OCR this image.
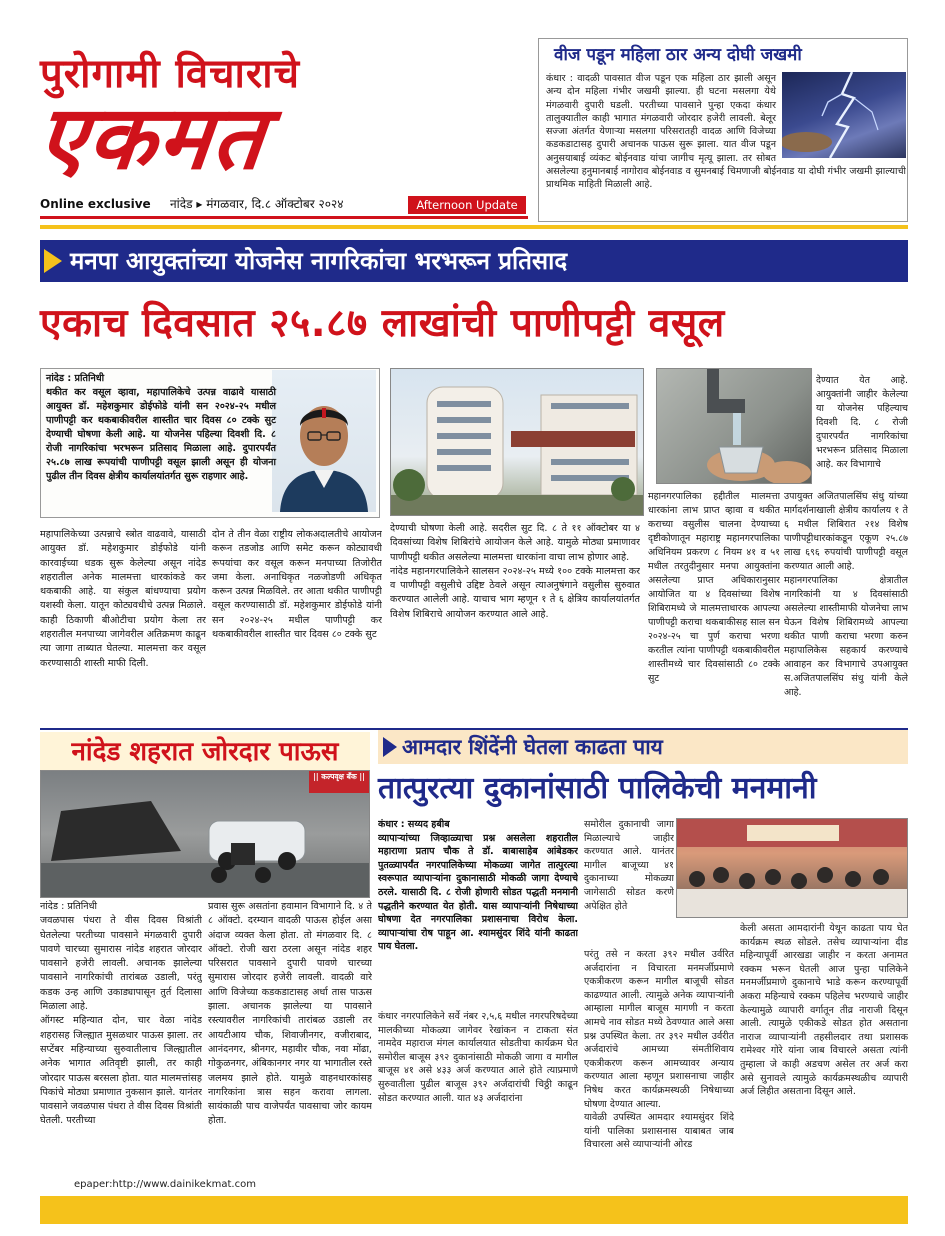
पुरोगामी विचाराचे
एकमत
Online exclusive नांदेड ▸ मंगळवार, दि.८ ऑक्टोबर २०२४	Afternoon Update
वीज पडून महिला ठार अन्य दोघी जखमी
कंधार : वादळी पावसात वीज पडून एक महिला ठार झाली असून अन्य दोन महिला गंभीर जखमी झाल्या. ही घटना मसलगा येथे मंगळवारी दुपारी घडली. परतीच्या पावसाने पुन्हा एकदा कंधार तालुक्यातील काही भागात मंगळवारी जोरदार हजेरी लावली. बेलूर सज्जा अंतर्गत येणाऱ्या मसलगा परिसरातही वादळ आणि विजेच्या कडकडाटासह दुपारी अचानक पाऊस सुरू झाला. यात वीज पडून अनुसयाबाई व्यंकट बोईनवाड यांचा जागीच मृत्यू झाला. तर सोबत असलेल्या हनुमानबाई नागोराव बोईनवाड व सुमनबाई चिमणाजी बोईनवाड या दोघी गंभीर जखमी झाल्याची प्राथमिक माहिती मिळाली आहे.
मनपा आयुक्तांच्या योजनेस नागरिकांचा भरभरून प्रतिसाद
एकाच दिवसात २५.८७ लाखांची पाणीपट्टी वसूल
नांदेड : प्रतिनिधी
थकीत कर वसूल व्हावा, महापालिकेचे उत्पन्न वाढावे यासाठी आयुक्त डॉ. महेशकुमार डोईफोडे यांनी सन २०२४-२५ मधील पाणीपट्टी कर थकबाकीवरील शास्तीत चार दिवस ८० टक्के सुट देण्याची घोषणा केली आहे. या योजनेस पहिल्या दिवशी दि. ८ रोजी नागरिकांचा भरभरून प्रतिसाद मिळाला आहे. दुपारपर्यंत २५.८७ लाख रूपयांची पाणीपट्टी वसूल झाली असून ही योजना पुढील तीन दिवस क्षेत्रीय कार्यालयांतर्गत सुरू राहणार आहे.
महापालिकेच्या उत्पन्नाचे स्त्रोत वाढवावे, यासाठी आयुक्त डॉ. महेशकुमार डोईफोडे यांनी कारवाईच्या धडक सुरू केलेल्या असून नांदेड शहरातील अनेक मालमत्ता धारकांकडे कर थकबाकी आहे. या संकुल बांधण्याचा प्रयोग यशस्वी केला. यातून कोट्यवधीचे उत्पन्न मिळाले. काही ठिकाणी बीओटीचा प्रयोग केला तर शहरातील मनपाच्या जागेवरील अतिक्रमण काढून त्या जागा ताब्यात घेतल्या. मालमत्ता कर वसूल करण्यासाठी शास्ती माफी दिली.
दोन ते तीन वेळा राष्ट्रीय लोकअदालतीचे आयोजन करून तडजोड आणि समेट करून कोट्यावधी रूपयांचा कर वसूल करून मनपाच्या तिजोरीत जमा केला. अनाधिकृत नळजोडणी अधिकृत करून उत्पन्न मिळविले. तर आता थकीत पाणीपट्टी वसूल करण्यासाठी डॉ. महेशकुमार डोईफोडे यांनी सन २०२४-२५ मधील पाणीपट्टी कर थकबाकीवरील शास्तीत चार दिवस ८० टक्के सुट
देण्याची घोषणा केली आहे. सदरील सुट दि. ८ ते ११ ऑक्टोबर या ४ दिवसांच्या विशेष शिबिरांचे आयोजन केले आहे. यामुळे मोठ्या प्रमाणावर पाणीपट्टी थकीत असलेल्या मालमत्ता धारकांना वाचा लाभ होणार आहे.
नांदेड महानगरपालिकेने सालसन २०२४-२५ मध्ये १०० टक्के मालमत्ता कर व पाणीपट्टी वसुलीचे उद्दिष्ट ठेवले असून त्याअनुषंगाने वसुलीस सुरुवात करण्यात आलेली आहे. याचाच भाग म्हणून १ ते ६ क्षेत्रिय कार्यालयांतर्गत विशेष शिबिराचे आयोजन करण्यात आले आहे.
देण्यात येत आहे. आयुक्तांनी जाहीर केलेल्या या योजनेस पहिल्याच दिवशी दि. ८ रोजी दुपारपर्यंत नागरिकांचा भरभरून प्रतिसाद मिळाला आहे. कर विभागाचे
उपायुक्त अजितपालसिंघ संधु यांच्या मार्गदर्शनाखाली क्षेत्रीय कार्यालय १ ते ६ मधील शिबिरात २१४ विशेष पाणीपट्टीधारकांकडून एकूण २५.८७ लाख ६९६ रुपयांची पाणीपट्टी वसूल करण्यात आली आहे.
महानगरपालिका क्षेत्रातील नागरिकांनी या ४ दिवसांसाठी असलेल्या शास्तीमाफी योजनेचा लाभ घेऊन विशेष शिबिरामध्ये आपल्या थकीत पाणी कराचा भरणा करुन महापालिकेस सहकार्य करण्याचे आवाहन कर विभागाचे उपआयुक्त स.अजितपालसिंघ संधु यांनी केले आहे.
महानगरपालिका हद्दीतील मालमत्ता धारकांना लाभ प्राप्त व्हावा व थकीत कराच्या वसुलीस चालना देण्याच्या दृष्टीकोणातून महाराष्ट्र महानगरपालिका अधिनियम प्रकरण ८ नियम ४१ व ५१ मधील तरतुदीनुसार मनपा आयुक्तांना असलेल्या प्राप्त अधिकारानुसार आयोजित या ४ दिवसांच्या विशेष शिबिरामध्ये जे मालमत्ताधारक आपल्या पाणीपट्टी कराचा थकबाकीसह साल सन २०२४-२५ चा पुर्ण कराचा भरणा करतील त्यांना पाणीपट्टी थकबाकीवरील शास्तीमध्ये चार दिवसांसाठी ८० टक्के सुट
नांदेड शहरात जोरदार पाऊस
|| कल्पवृक्ष बँक ||
नांदेड : प्रतिनिधी
जवळपास पंधरा ते वीस दिवस विश्रांती घेतलेल्या परतीच्या पावसाने मंगळवारी दुपारी पावणे चारच्या सुमारास नांदेड शहरात जोरदार पावसाने हजेरी लावली. अचानक झालेल्या पावसाने नागरिकांची तारांबळ उडाली, परंतु कडक उन्ह आणि उकाड्यापासून तुर्त दिलासा मिळाला आहे.
ऑगस्ट महिन्यात दोन, चार वेळा नांदेड शहरासह जिल्ह्यात मुसळधार पाऊस झाला. तर सप्टेंबर महिन्याच्या सुरुवातीलाच जिल्ह्यातील अनेक भागात अतिवृष्टी झाली, तर काही जोरदार पाऊस बरसला होता. यात मालमत्तांसह पिकांचे मोठ्या प्रमाणात नुकसान झाले. यानंतर पावसाने जवळपास पंधरा ते वीस दिवस विश्रांती घेतली. परतीच्या
प्रवास सुरू असतांना हवामान विभागाने दि. ४ ते ८ ऑक्टो. दरम्यान वादळी पाऊस होईल असा अंदाज व्यक्त केला होता. तो मंगळवार दि. ८ ऑक्टो. रोजी खरा ठरला असून नांदेड शहर परिसरात पावसाने दुपारी पावणे चारच्या सुमारास जोरदार हजेरी लावली. वादळी वारे आणि विजेच्या कडकडाटासह अर्धा तास पाऊस झाला. अचानक झालेल्या या पावसाने रस्त्यावरील नागरिकांची तारांबळ उडाली तर आयटीआय चौक, शिवाजीनगर, वजीराबाद, आनंदनगर, श्रीनगर, महावीर चौक, नवा मोंढा, गोकुळनगर, अंबिकानगर नगर या भागातील रस्ते जलमय झाले होते. यामुळे वाहनधारकांसह नागरिकांना त्रास सहन करावा लागला. सायंकाळी पाच वाजेपर्यंत पावसाचा जोर कायम होता.
आमदार शिंदेंनी घेतला काढता पाय
तात्पुरत्या दुकानांसाठी पालिकेची मनमानी
कंधार : सय्यद हबीब
व्यापाऱ्यांच्या जिव्हाळ्याचा प्रश्न असलेला शहरातील महाराणा प्रताप चौक ते डॉ. बाबासाहेब आंबेडकर पुतळ्यापर्यंत नगरपालिकेच्या मोकळ्या जागेत तात्पुरत्या स्वरूपात व्यापाऱ्यांना दुकानासाठी मोकळी जागा देण्याचे ठरले. यासाठी दि. ८ रोजी होणारी सोडत पद्धती मनमानी पद्धतीने करण्यात येत होती. यास व्यापाऱ्यांनी निषेधाच्या घोषणा देत नगरपालिका प्रशासनाचा विरोध केला. व्यापाऱ्यांचा रोष पाहून आ. श्यामसुंदर शिंदे यांनी काढता पाय घेतला.
कंधार नगरपालिकेने सर्वे नंबर २,५,६ मधील नगरपरिषदेच्या मालकीच्या मोकळ्या जागेवर रेखांकन न टाकता संत नामदेव महाराज मंगल कार्यालयात सोडतीचा कार्यक्रम घेत समोरील बाजूस ३९२ दुकानांसाठी मोकळी जागा व मागील बाजूस ४१ असे ४३३ अर्ज करण्यात आले होते त्याप्रमाणे सुरुवातीला पुढील बाजूस ३९२ अर्जदारांची चिठ्ठी काढून सोडत करण्यात आली. यात ४३ अर्जदारांना
समोरील दुकानाची जागा मिळाल्याचे जाहीर करण्यात आले. यानंतर मागील बाजूच्या ४१ दुकानाच्या मोकळ्या जागेसाठी सोडत करणे अपेक्षित होते
परंतु तसे न करता ३९२ मधील उर्वरित अर्जदारांना न विचारता मनमर्जीप्रमाणे एकत्रीकरण करून मागील बाजूची सोडत काढण्यात आली. त्यामुळे अनेक व्यापाऱ्यांनी आम्हाला मागील बाजूस मागणी न करता आमचे नाव सोडत मध्ये ठेवण्यात आले असा प्रश्न उपस्थित केला. तर ३९२ मधील उर्वरीत अर्जदारांचे आमच्या संमतीशिवाय एकत्रीकरण करून आमच्यावर अन्याय करण्यात आला म्हणून प्रशासनाचा जाहीर निषेध करत कार्यक्रमस्थळी निषेधाच्या घोषणा देण्यात आल्या.
यावेळी उपस्थित आमदार श्यामसुंदर शिंदे यांनी पालिका प्रशासनास याबाबत जाब विचारला असे व्यापाऱ्यांनी ओरड
केली असता आमदारांनी येथून काढता पाय घेत कार्यक्रम स्थळ सोडले. तसेच व्यापाऱ्यांना दीड महिन्यापूर्वी आरखडा जाहीर न करता अनामत रक्कम भरून घेतली आज पुन्हा पालिकेने मनमर्जीप्रमाणे दुकानाचे भाडे करून करण्यापूर्वी अकरा महिन्याचे रक्कम पहिलेच भरण्याचे जाहीर केल्यामुळे व्यापारी वर्गातून तीव्र नाराजी दिसून आली. त्यामुळे एकीकडे सोडत होत असताना नाराज व्यापाऱ्यांनी तहसीलदार तथा प्रशासक रामेश्वर गोरे यांना जाब विचारले असता त्यांनी तुम्हाला जे काही अडचण असेल तर अर्ज करा असे सुनावले त्यामुळे कार्यक्रमस्थळीच व्यापारी अर्ज लिहीत असताना दिसून आले.
epaper:http://www.dainikekmat.com
